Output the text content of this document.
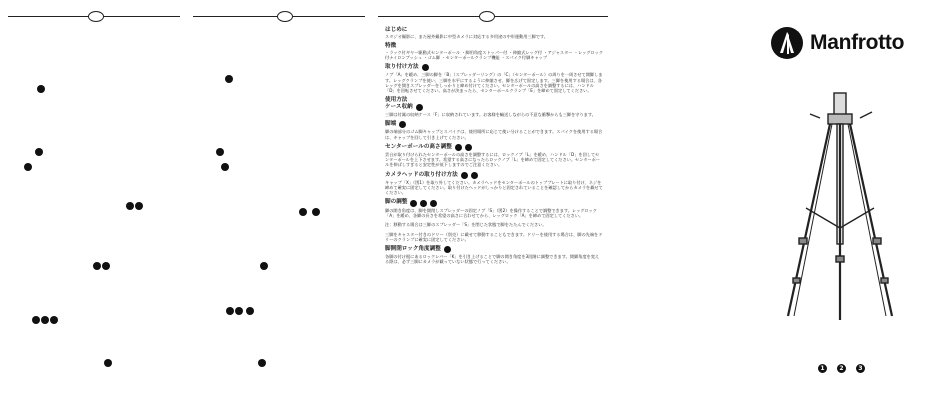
はじめに
スタジオ撮影に、また屋外撮影に中型カメラに対応する多用途の中形運動用三脚です。
特徴
・ラック付ギヤー駆動式センターポール ・脚用角度ストッパー付 ・伸縮式レッグ付 ・アジャスター ・レッグロック付ナイロンブッシュ ・ゴム脚 ・センターポールクランプ機能 ・スパイク付脚キャップ
取り付け方法
ノブ「A」を緩め、三脚の脚を「B」（スプレッダーリング）の「C」（センターポール）の周りを一周させて開脚します。レッグクランプを使い、三脚を水平にするように伸縮させ、脚を広げて固定します。三脚を使用する場合は、各レッグを開きスプレッダーをしっかりと締め付けてください。センターポールの高さを調整するには、ハンドル「D」を回転させてください。高さが決まったら、センターポールクランプ「E」を締めて固定してください。
使用方法
ケース収納
三脚は付属の収納ケース「F」に収納されています。お客様を輸送しながらの不意な衝撃からも三脚を守ります。
脚端
脚の端部分のゴム脚キャップとスパイクは、使用場所に応じて使い分けることができます。スパイクを使用する場合は、キャップを回して引き上げてください。
センターポールの高さ調整
雲台が取り付けられたセンターポールの高さを調整するには、ロックノブ「L」を緩め、ハンドル「D」を回してセンターポールを上下させます。希望する高さになったらロックノブ「L」を締めて固定してください。センターポールを伸ばしすぎると安定性が低下しますのでご注意ください。
カメラヘッドの取り付け方法
キャップ「X」（図1）を取り外してください。カメラヘッドをセンターポールのトッププレートに取り付け、ネジを締めて確実に固定してください。取り付けたヘッドがしっかりと固定されていることを確認してからカメラを載せてください。
脚の調整
脚の開き角度は、脚を開閉しスプレッダーの固定ノブ「S」（図2）を操作することで調整できます。レッグロック「A」を緩め、各脚の長さを希望の高さに合わせてから、レッグロック「A」を締めて固定してください。
注：移動する場合は三脚のスプレッダー「S」を閉じた状態で脚をたたんでください。
三脚をキャスター付きのドリー（別売）に載せて移動することもできます。ドリーを使用する場合は、脚の先端をドリーのクランプに確実に固定してください。
脚開閉ロック角度調整
各脚の付け根にあるロックレバー「K」を引き上げることで脚の開き角度を3段階に調整できます。開脚角度を変える際は、必ず三脚にカメラが載っていない状態で行ってください。
Manfrotto
1	2	3
